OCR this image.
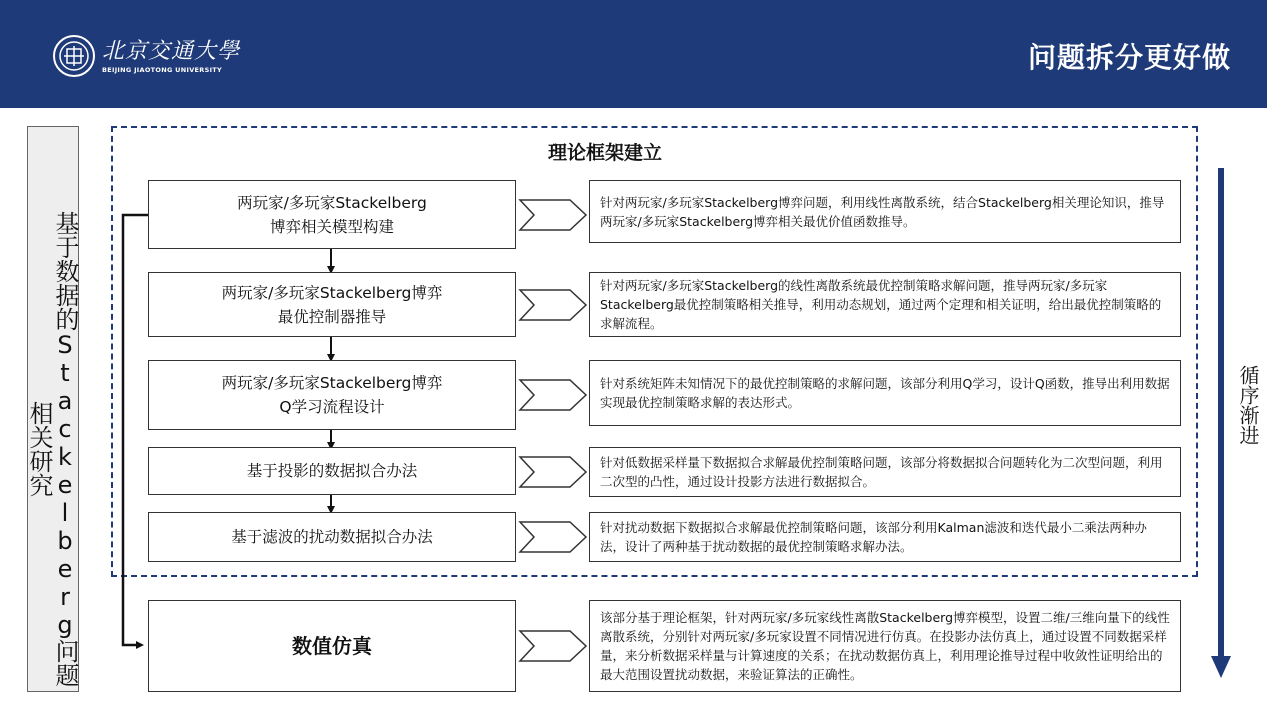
北京交通大學
BEIJING JIAOTONG UNIVERSITY	问题拆分更好做
基于数据的Stackelberg问题相关研究
理论框架建立
两玩家/多玩家Stackelberg
博弈相关模型构建
两玩家/多玩家Stackelberg博弈
最优控制器推导
两玩家/多玩家Stackelberg博弈
Q学习流程设计
基于投影的数据拟合办法
基于滤波的扰动数据拟合办法
数值仿真
针对两玩家/多玩家Stackelberg博弈问题，利用线性离散系统，结合Stackelberg相关理论知识，推导两玩家/多玩家Stackelberg博弈相关最优价值函数推导。
针对两玩家/多玩家Stackelberg的线性离散系统最优控制策略求解问题，推导两玩家/多玩家Stackelberg最优控制策略相关推导，利用动态规划，通过两个定理和相关证明，给出最优控制策略的求解流程。
针对系统矩阵未知情况下的最优控制策略的求解问题，该部分利用Q学习，设计Q函数，推导出利用数据实现最优控制策略求解的表达形式。
针对低数据采样量下数据拟合求解最优控制策略问题，该部分将数据拟合问题转化为二次型问题，利用二次型的凸性，通过设计投影方法进行数据拟合。
针对扰动数据下数据拟合求解最优控制策略问题，该部分利用Kalman滤波和迭代最小二乘法两种办法，设计了两种基于扰动数据的最优控制策略求解办法。
该部分基于理论框架，针对两玩家/多玩家线性离散Stackelberg博弈模型，设置二维/三维向量下的线性离散系统，分别针对两玩家/多玩家设置不同情况进行仿真。在投影办法仿真上，通过设置不同数据采样量，来分析数据采样量与计算速度的关系；在扰动数据仿真上，利用理论推导过程中收敛性证明给出的最大范围设置扰动数据，来验证算法的正确性。
循序渐进
